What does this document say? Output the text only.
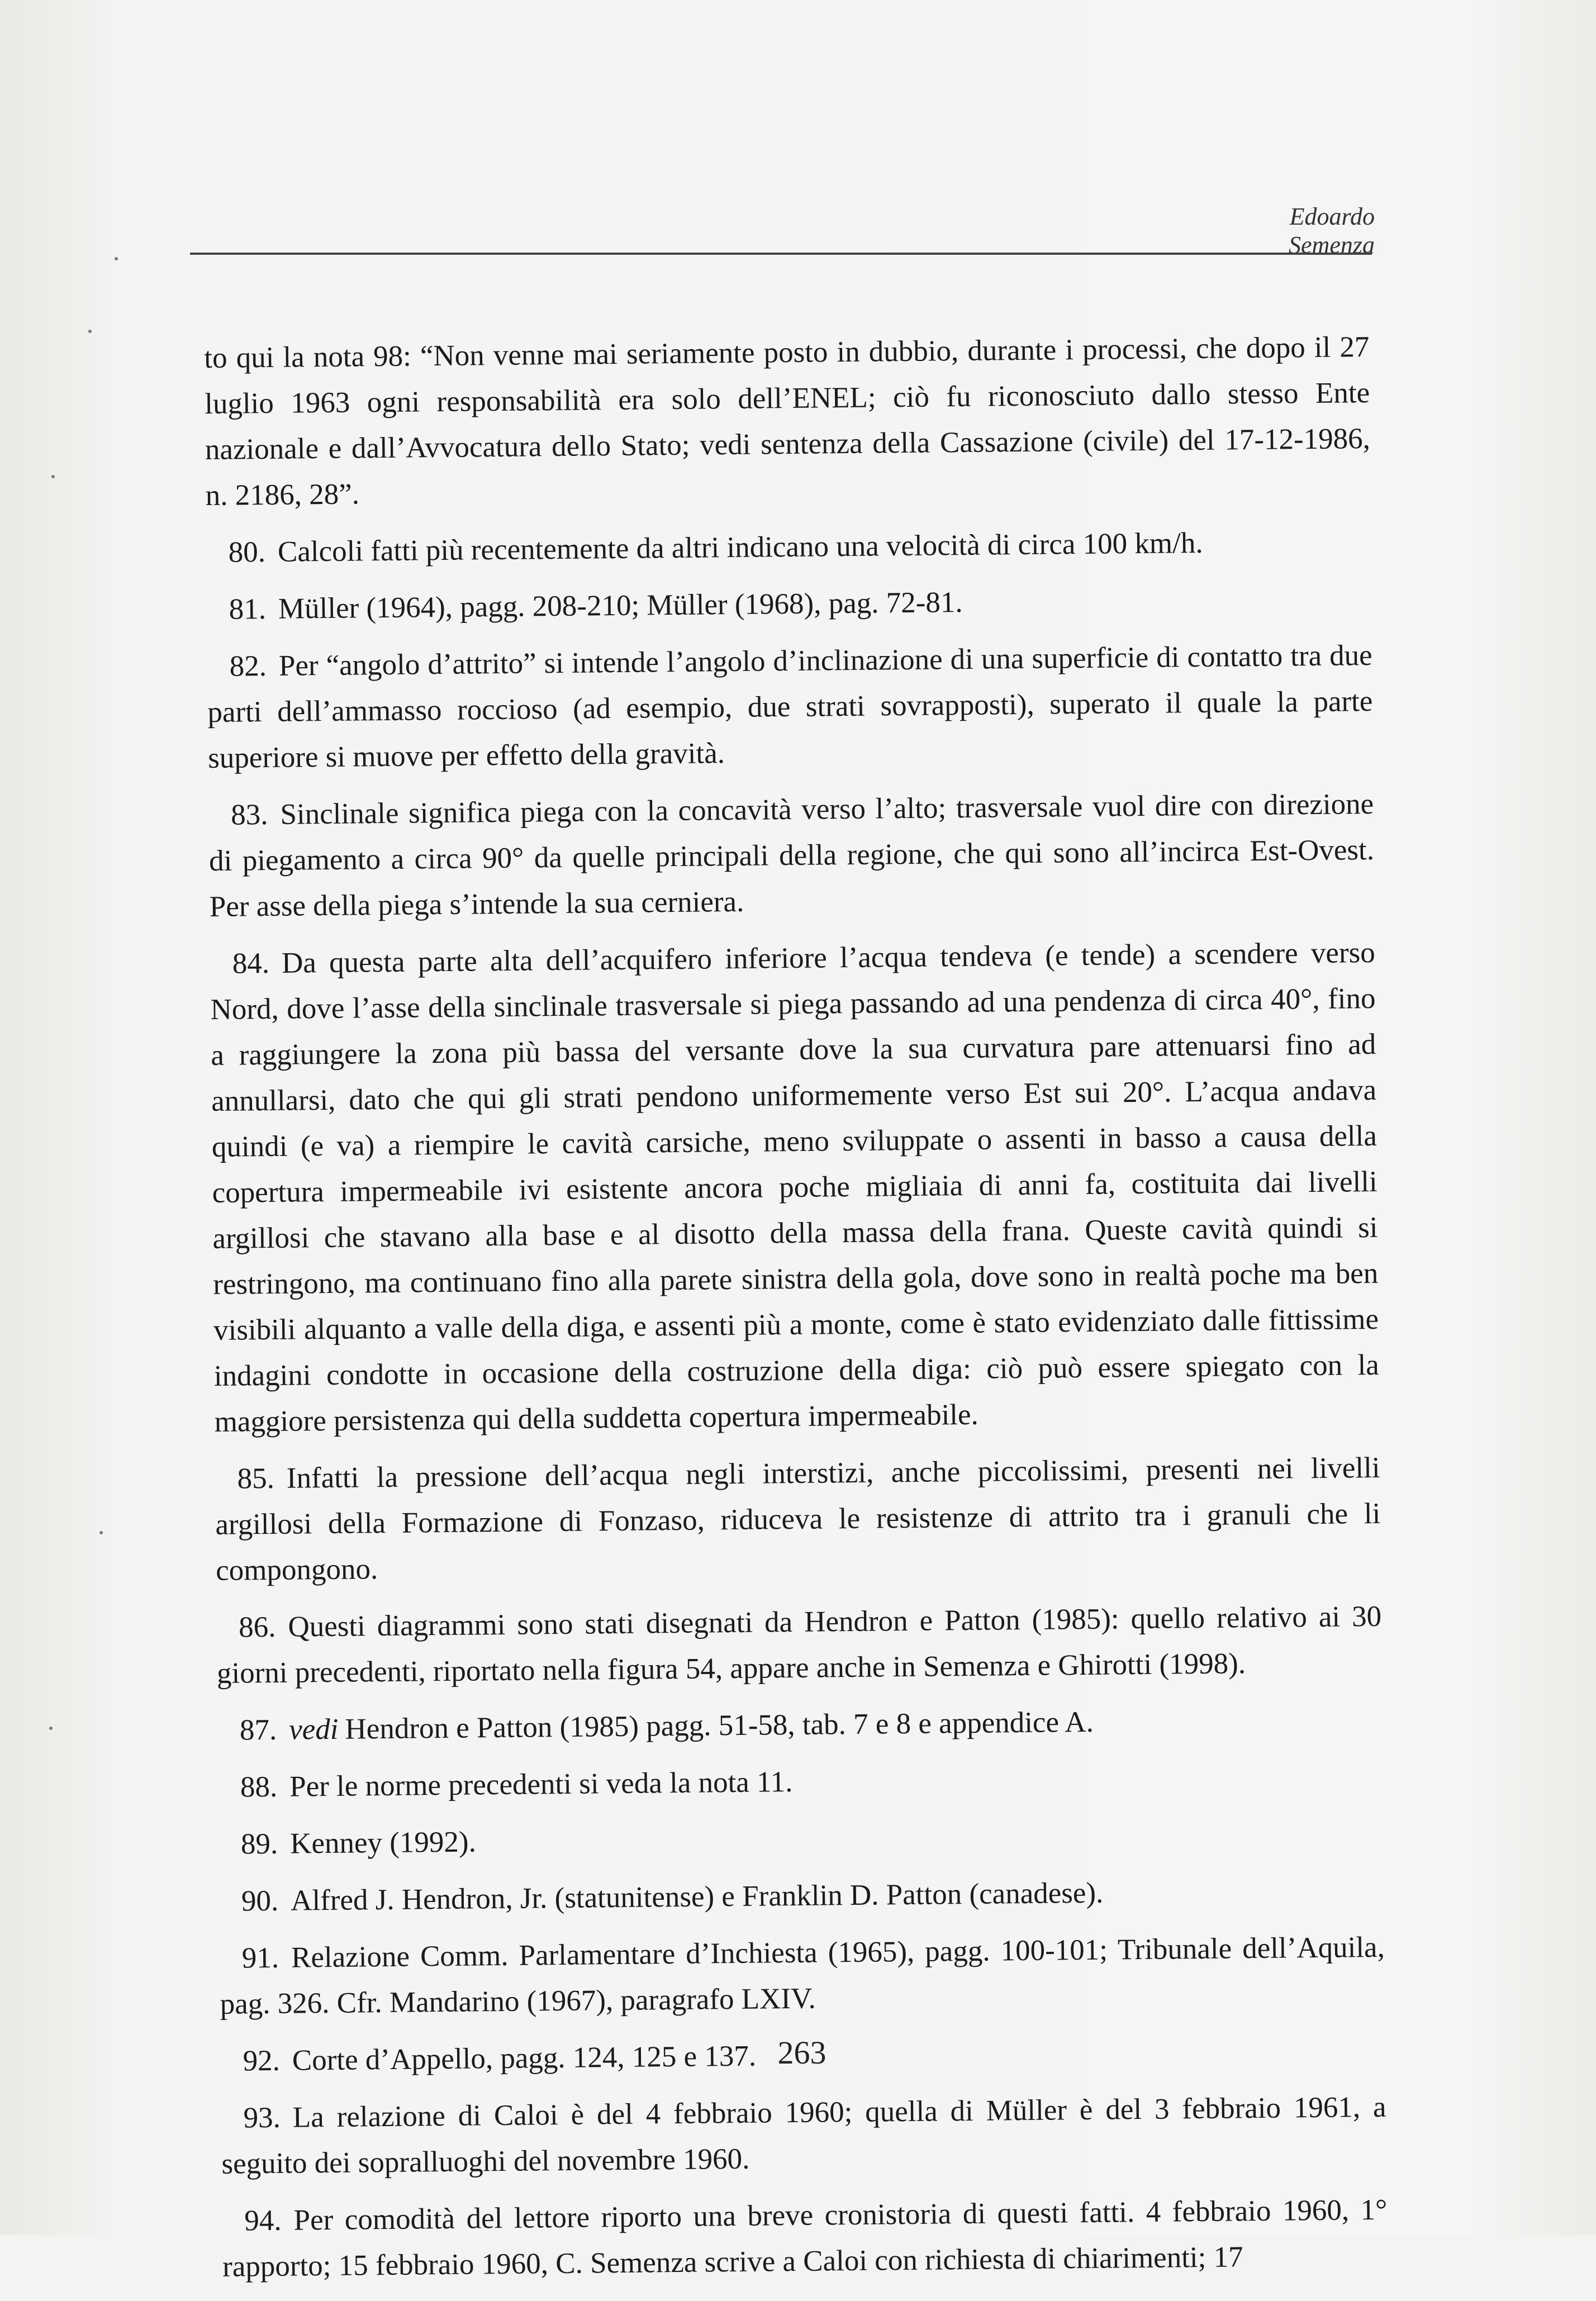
Edoardo Semenza

to qui la nota 98: “Non venne mai seriamente posto in dubbio, durante i processi, che dopo il 27 luglio 1963 ogni responsabilità era solo dell’ENEL; ciò fu riconosciuto dallo stesso Ente nazionale e dall’Avvocatura dello Stato; vedi sentenza della Cassazione (civile) del 17-12-1986, n. 2186, 28”.

80. Calcoli fatti più recentemente da altri indicano una velocità di circa 100 km/h.

81. Müller (1964), pagg. 208-210; Müller (1968), pag. 72-81.

82. Per “angolo d’attrito” si intende l’angolo d’inclinazione di una superficie di contatto tra due parti dell’ammasso roccioso (ad esempio, due strati sovrapposti), superato il quale la parte superiore si muove per effetto della gravità.

83. Sinclinale significa piega con la concavità verso l’alto; trasversale vuol dire con direzione di piegamento a circa 90° da quelle principali della regione, che qui sono all’incirca Est-Ovest. Per asse della piega s’intende la sua cerniera.

84. Da questa parte alta dell’acquifero inferiore l’acqua tendeva (e tende) a scendere verso Nord, dove l’asse della sinclinale trasversale si piega passando ad una pendenza di circa 40°, fino a raggiungere la zona più bassa del versante dove la sua curvatura pare attenuarsi fino ad annullarsi, dato che qui gli strati pendono uniformemente verso Est sui 20°. L’acqua andava quindi (e va) a riempire le cavità carsiche, meno sviluppate o assenti in basso a causa della copertura impermeabile ivi esistente ancora poche migliaia di anni fa, costituita dai livelli argillosi che stavano alla base e al disotto della massa della frana. Queste cavità quindi si restringono, ma continuano fino alla parete sinistra della gola, dove sono in realtà poche ma ben visibili alquanto a valle della diga, e assenti più a monte, come è stato evidenziato dalle fittissime indagini condotte in occasione della costruzione della diga: ciò può essere spiegato con la maggiore persistenza qui della suddetta copertura impermeabile.

85. Infatti la pressione dell’acqua negli interstizi, anche piccolissimi, presenti nei livelli argillosi della Formazione di Fonzaso, riduceva le resistenze di attrito tra i granuli che li compongono.

86. Questi diagrammi sono stati disegnati da Hendron e Patton (1985): quello relativo ai 30 giorni precedenti, riportato nella figura 54, appare anche in Semenza e Ghirotti (1998).

87. vedi Hendron e Patton (1985) pagg. 51-58, tab. 7 e 8 e appendice A.

88. Per le norme precedenti si veda la nota 11.

89. Kenney (1992).

90. Alfred J. Hendron, Jr. (statunitense) e Franklin D. Patton (canadese).

91. Relazione Comm. Parlamentare d’Inchiesta (1965), pagg. 100-101; Tribunale dell’Aquila, pag. 326. Cfr. Mandarino (1967), paragrafo LXIV.

92. Corte d’Appello, pagg. 124, 125 e 137.

93. La relazione di Caloi è del 4 febbraio 1960; quella di Müller è del 3 febbraio 1961, a seguito dei sopralluoghi del novembre 1960.

94. Per comodità del lettore riporto una breve cronistoria di questi fatti. 4 febbraio 1960, 1° rapporto; 15 febbraio 1960, C. Semenza scrive a Caloi con richiesta di chiarimenti; 17

263
